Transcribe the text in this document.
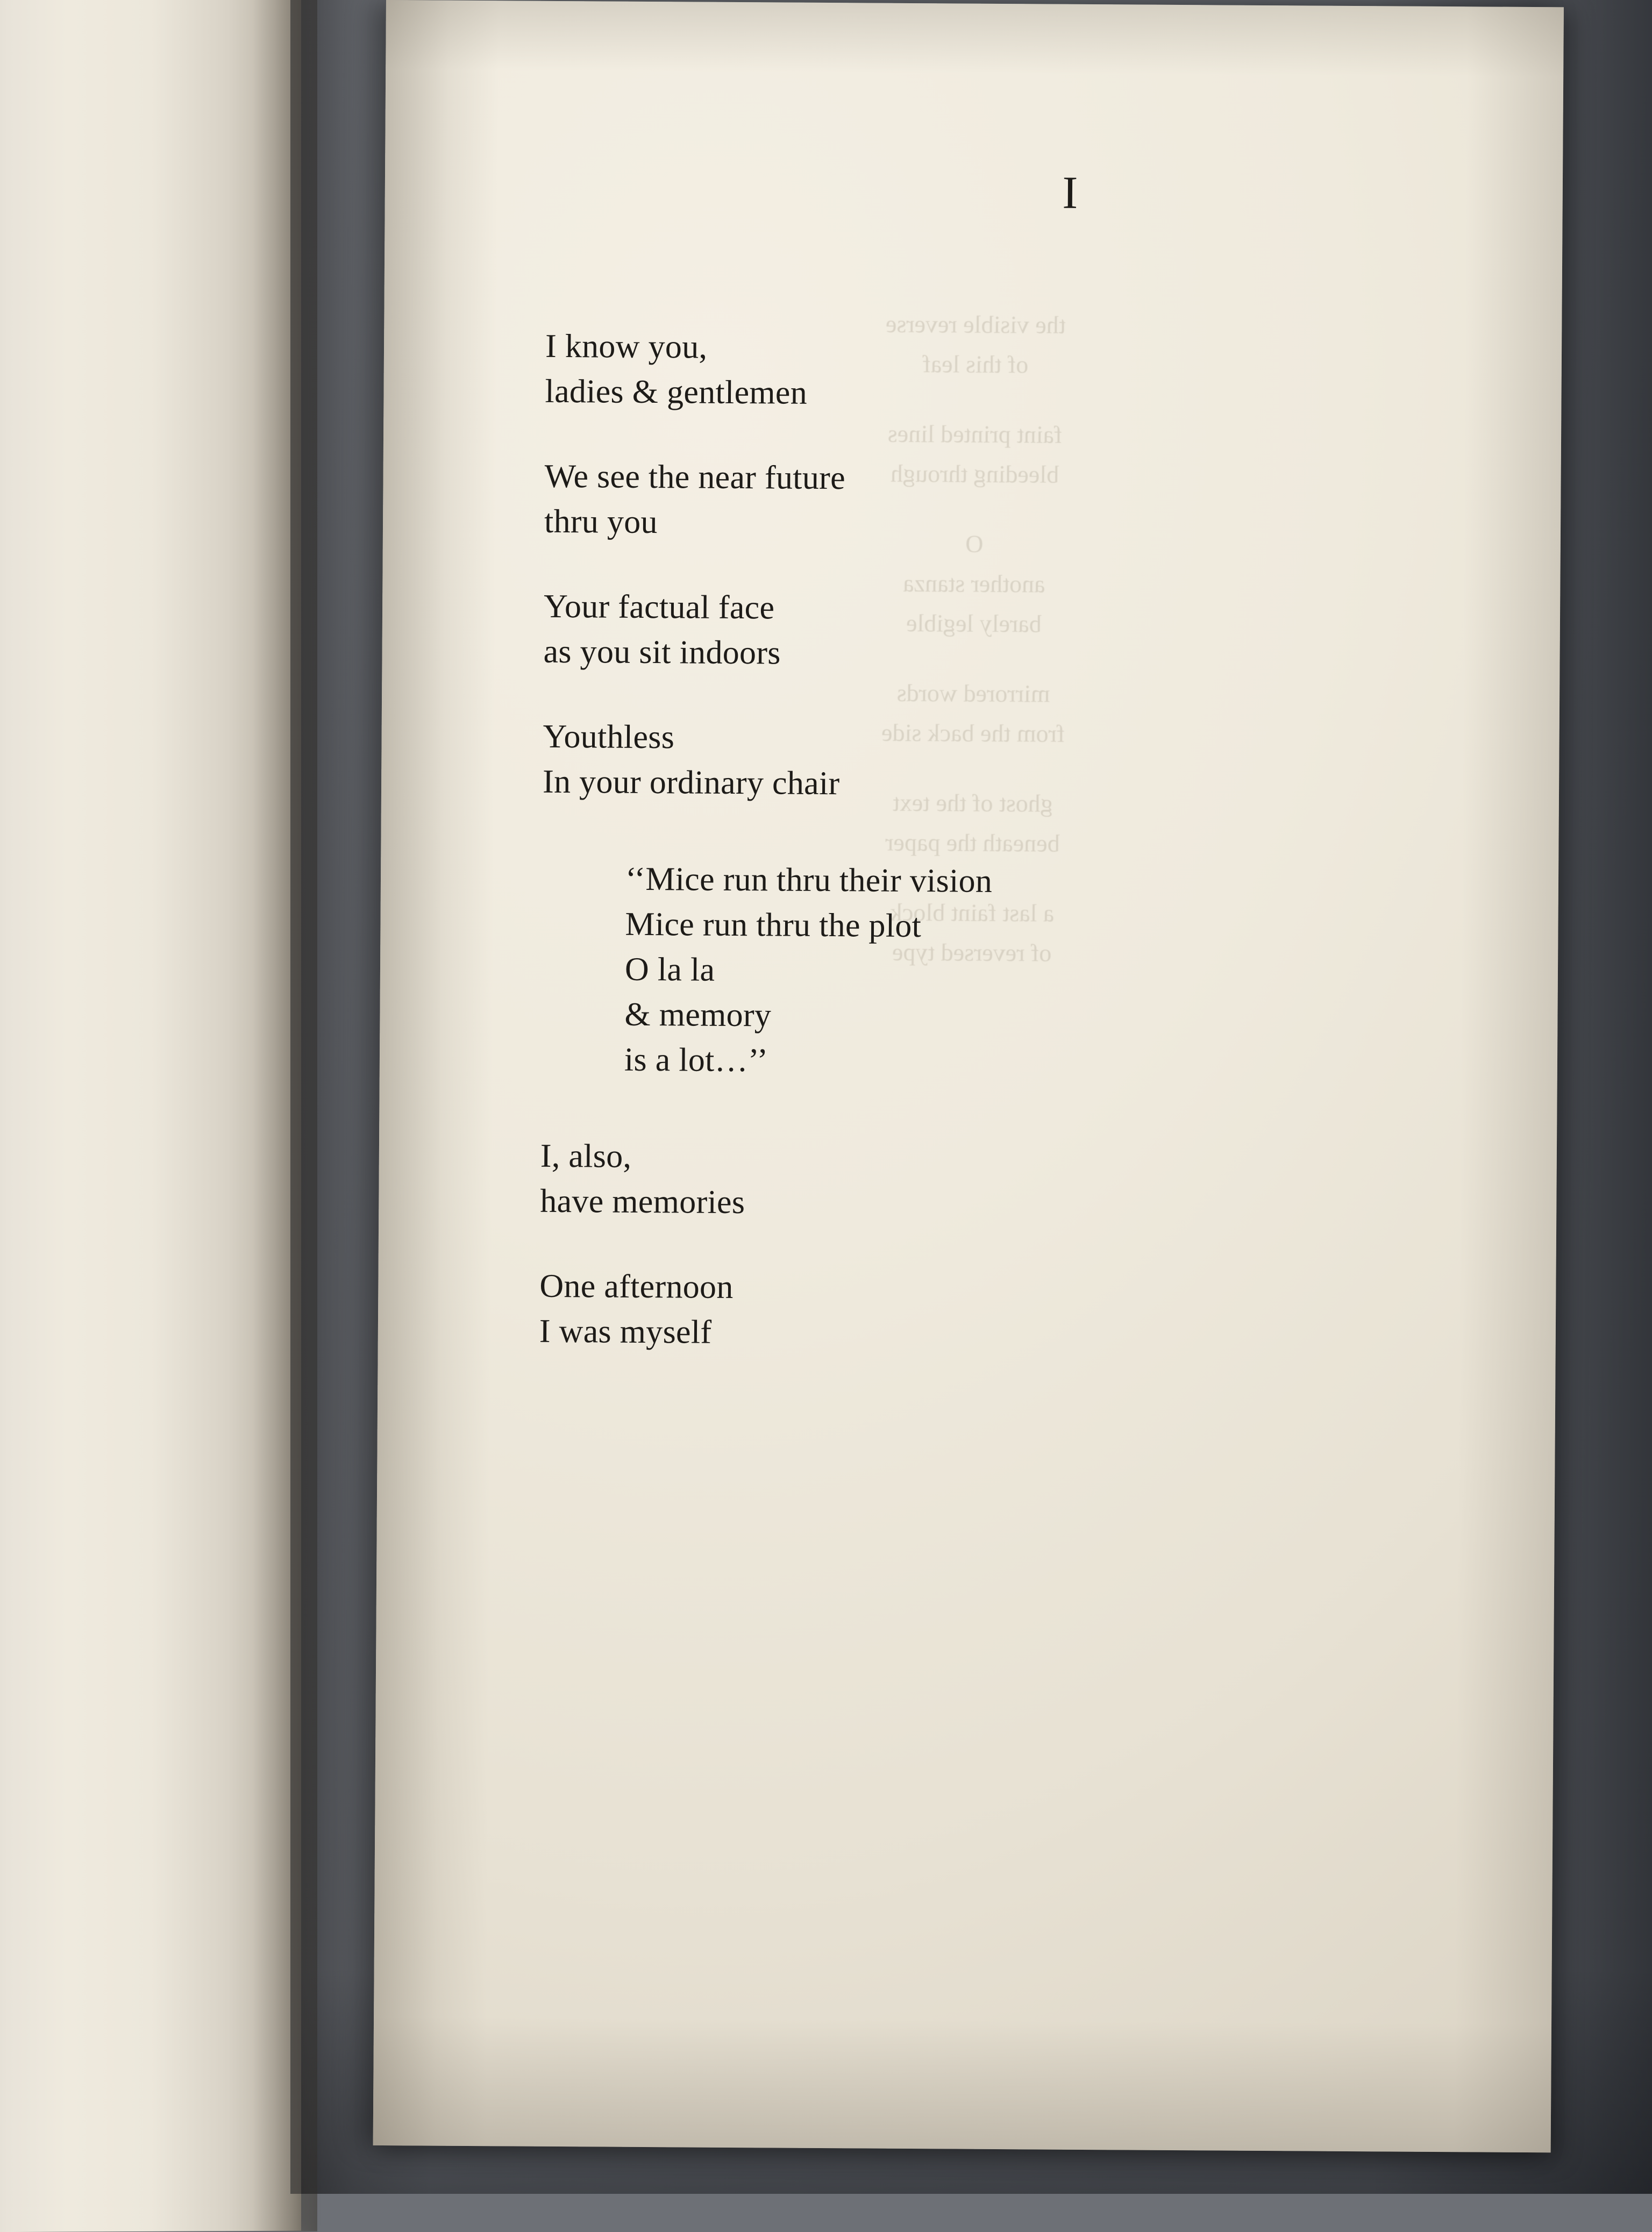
the visible reverse
of this leaf
faint printed lines
bleeding through
O
another stanza
barely legible
mirrored words
from the back side
ghost of the text
beneath the paper
a last faint block
of reversed type
I
I know you,
ladies & gentlemen
We see the near future
thru you
Your factual face
as you sit indoors
Youthless
In your ordinary chair
‘‘Mice run thru their vision
Mice run thru the plot
O la la
& memory
is a lot…’’
I, also,
have memories
One afternoon
I was myself
